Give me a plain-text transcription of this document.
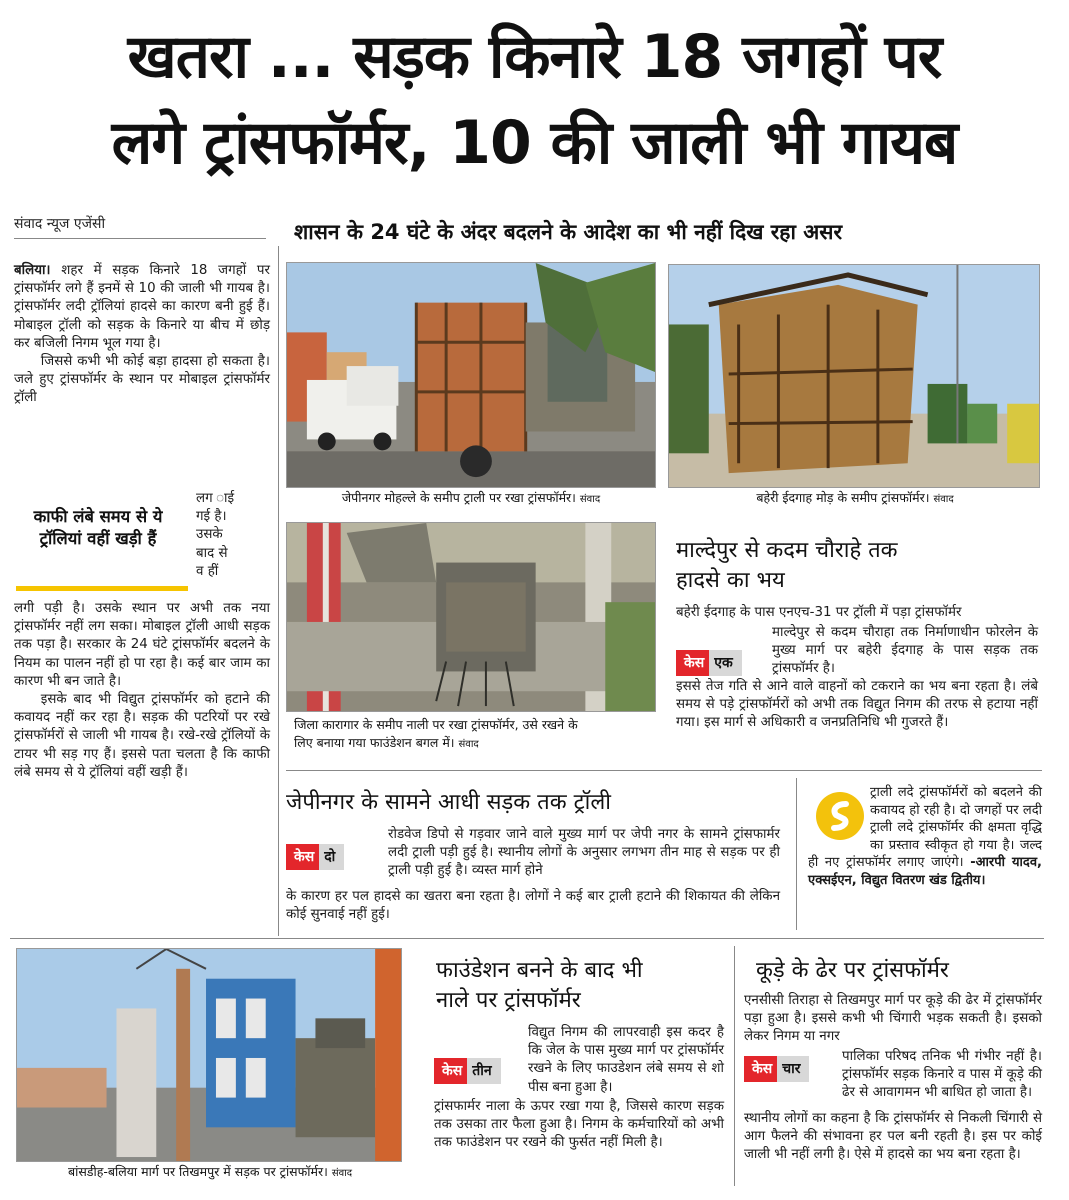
खतरा ... सड़क किनारे 18 जगहों पर
लगे ट्रांसफॉर्मर, 10 की जाली भी गायब
संवाद न्यूज एजेंसी	शासन के 24 घंटे के अंदर बदलने के आदेश का भी नहीं दिख रहा असर

बलिया। शहर में सड़क किनारे 18 जगहों पर ट्रांसफॉर्मर लगे हैं इनमें से 10 की जाली भी गायब है। ट्रांसफॉर्मर लदी ट्रॉलियां हादसे का कारण बनी हुई हैं। मोबाइल ट्रॉली को सड़क के किनारे या बीच में छोड़ कर बजिली निगम भूल गया है।

जिससे कभी भी कोई बड़ा हादसा हो सकता है। जले हुए ट्रांसफॉर्मर के स्थान पर मोबाइल ट्रांसफॉर्मर ट्रॉली

काफी लंबे समय से ये ट्रॉलियां वहीं खड़ी हैं
लग ाई
गई है।
उसके
बाद से
व हीं

लगी पड़ी है। उसके स्थान पर अभी तक नया ट्रांसफॉर्मर नहीं लग सका। मोबाइल ट्रॉली आधी सड़क तक पड़ा है। सरकार के 24 घंटे ट्रांसफॉर्मर बदलने के नियम का पालन नहीं हो पा रहा है। कई बार जाम का कारण भी बन जाते है।

इसके बाद भी विद्युत ट्रांसफॉर्मर को हटाने की कवायद नहीं कर रहा है। सड़क की पटरियों पर रखे ट्रांसफॉर्मरों से जाली भी गायब है। रखे-रखे ट्रॉलियों के टायर भी सड़ गए हैं। इससे पता चलता है कि काफी लंबे समय से ये ट्रॉलियां वहीं खड़ी हैं।

जेपीनगर मोहल्ले के समीप ट्राली पर रखा ट्रांसफॉर्मर। संवाद	बहेरी ईदगाह मोड़ के समीप ट्रांसफॉर्मर। संवाद
जिला कारागार के समीप नाली पर रखा ट्रांसफॉर्मर, उसे रखने के
लिए बनाया गया फाउंडेशन बगल में। संवाद
माल्देपुर से कदम चौराहे तक
हादसे का भय
बहेरी ईदगाह के पास एनएच-31 पर ट्रॉली में पड़ा ट्रांसफॉर्मर
केस एक
माल्देपुर से कदम चौराहा तक निर्माणाधीन फोरलेन के मुख्य मार्ग पर बहेरी ईदगाह के पास सड़क तक ट्रांसफॉर्मर है।
इससे तेज गति से आने वाले वाहनों को टकराने का भय बना रहता है। लंबे समय से पड़े ट्रांसफॉर्मरों को अभी तक विद्युत निगम की तरफ से हटाया नहीं गया। इस मार्ग से अधिकारी व जनप्रतिनिधि भी गुजरते हैं।
जेपीनगर के सामने आधी सड़क तक ट्रॉली
केस दो
रोडवेज डिपो से गड़वार जाने वाले मुख्य मार्ग पर जेपी नगर के सामने ट्रांसफार्मर लदी ट्राली पड़ी हुई है। स्थानीय लोगों के अनुसार लगभग तीन माह से सड़क पर ही ट्राली पड़ी हुई है। व्यस्त मार्ग होने
के कारण हर पल हादसे का खतरा बना रहता है। लोगों ने कई बार ट्राली हटाने की शिकायत की लेकिन कोई सुनवाई नहीं हुई।
ट्राली लदे ट्रांसफॉर्मरों को बदलने की कवायद हो रही है। दो जगहों पर लदी ट्राली लदे ट्रांसफॉर्मर की क्षमता वृद्धि का प्रस्ताव स्वीकृत हो गया है। जल्द ही नए ट्रांसफॉर्मर लगाए जाएंगे। -आरपी यादव, एक्सईएन, विद्युत वितरण खंड द्वितीय।
बांसडीह-बलिया मार्ग पर तिखमपुर में सड़क पर ट्रांसफॉर्मर। संवाद
फाउंडेशन बनने के बाद भी
नाले पर ट्रांसफॉर्मर
केस तीन
विद्युत निगम की लापरवाही इस कदर है कि जेल के पास मुख्य मार्ग पर ट्रांसफॉर्मर रखने के लिए फाउडेशन लंबे समय से शो पीस बना हुआ है।
ट्रांसफार्मर नाला के ऊपर रखा गया है, जिससे कारण सड़क तक उसका तार फैला हुआ है। निगम के कर्मचारियों को अभी तक फाउंडेशन पर रखने की फुर्सत नहीं मिली है।
कूड़े के ढेर पर ट्रांसफॉर्मर
एनसीसी तिराहा से तिखमपुर मार्ग पर कूड़े की ढेर में ट्रांसफॉर्मर पड़ा हुआ है। इससे कभी भी चिंगारी भड़क सकती है। इसको लेकर निगम या नगर
केस चार
पालिका परिषद तनिक भी गंभीर नहीं है। ट्रांसफॉर्मर सड़क किनारे व पास में कूड़े की ढेर से आवागमन भी बाधित हो जाता है।
स्थानीय लोगों का कहना है कि ट्रांसफॉर्मर से निकली चिंगारी से आग फैलने की संभावना हर पल बनी रहती है। इस पर कोई जाली भी नहीं लगी है। ऐसे में हादसे का भय बना रहता है।
